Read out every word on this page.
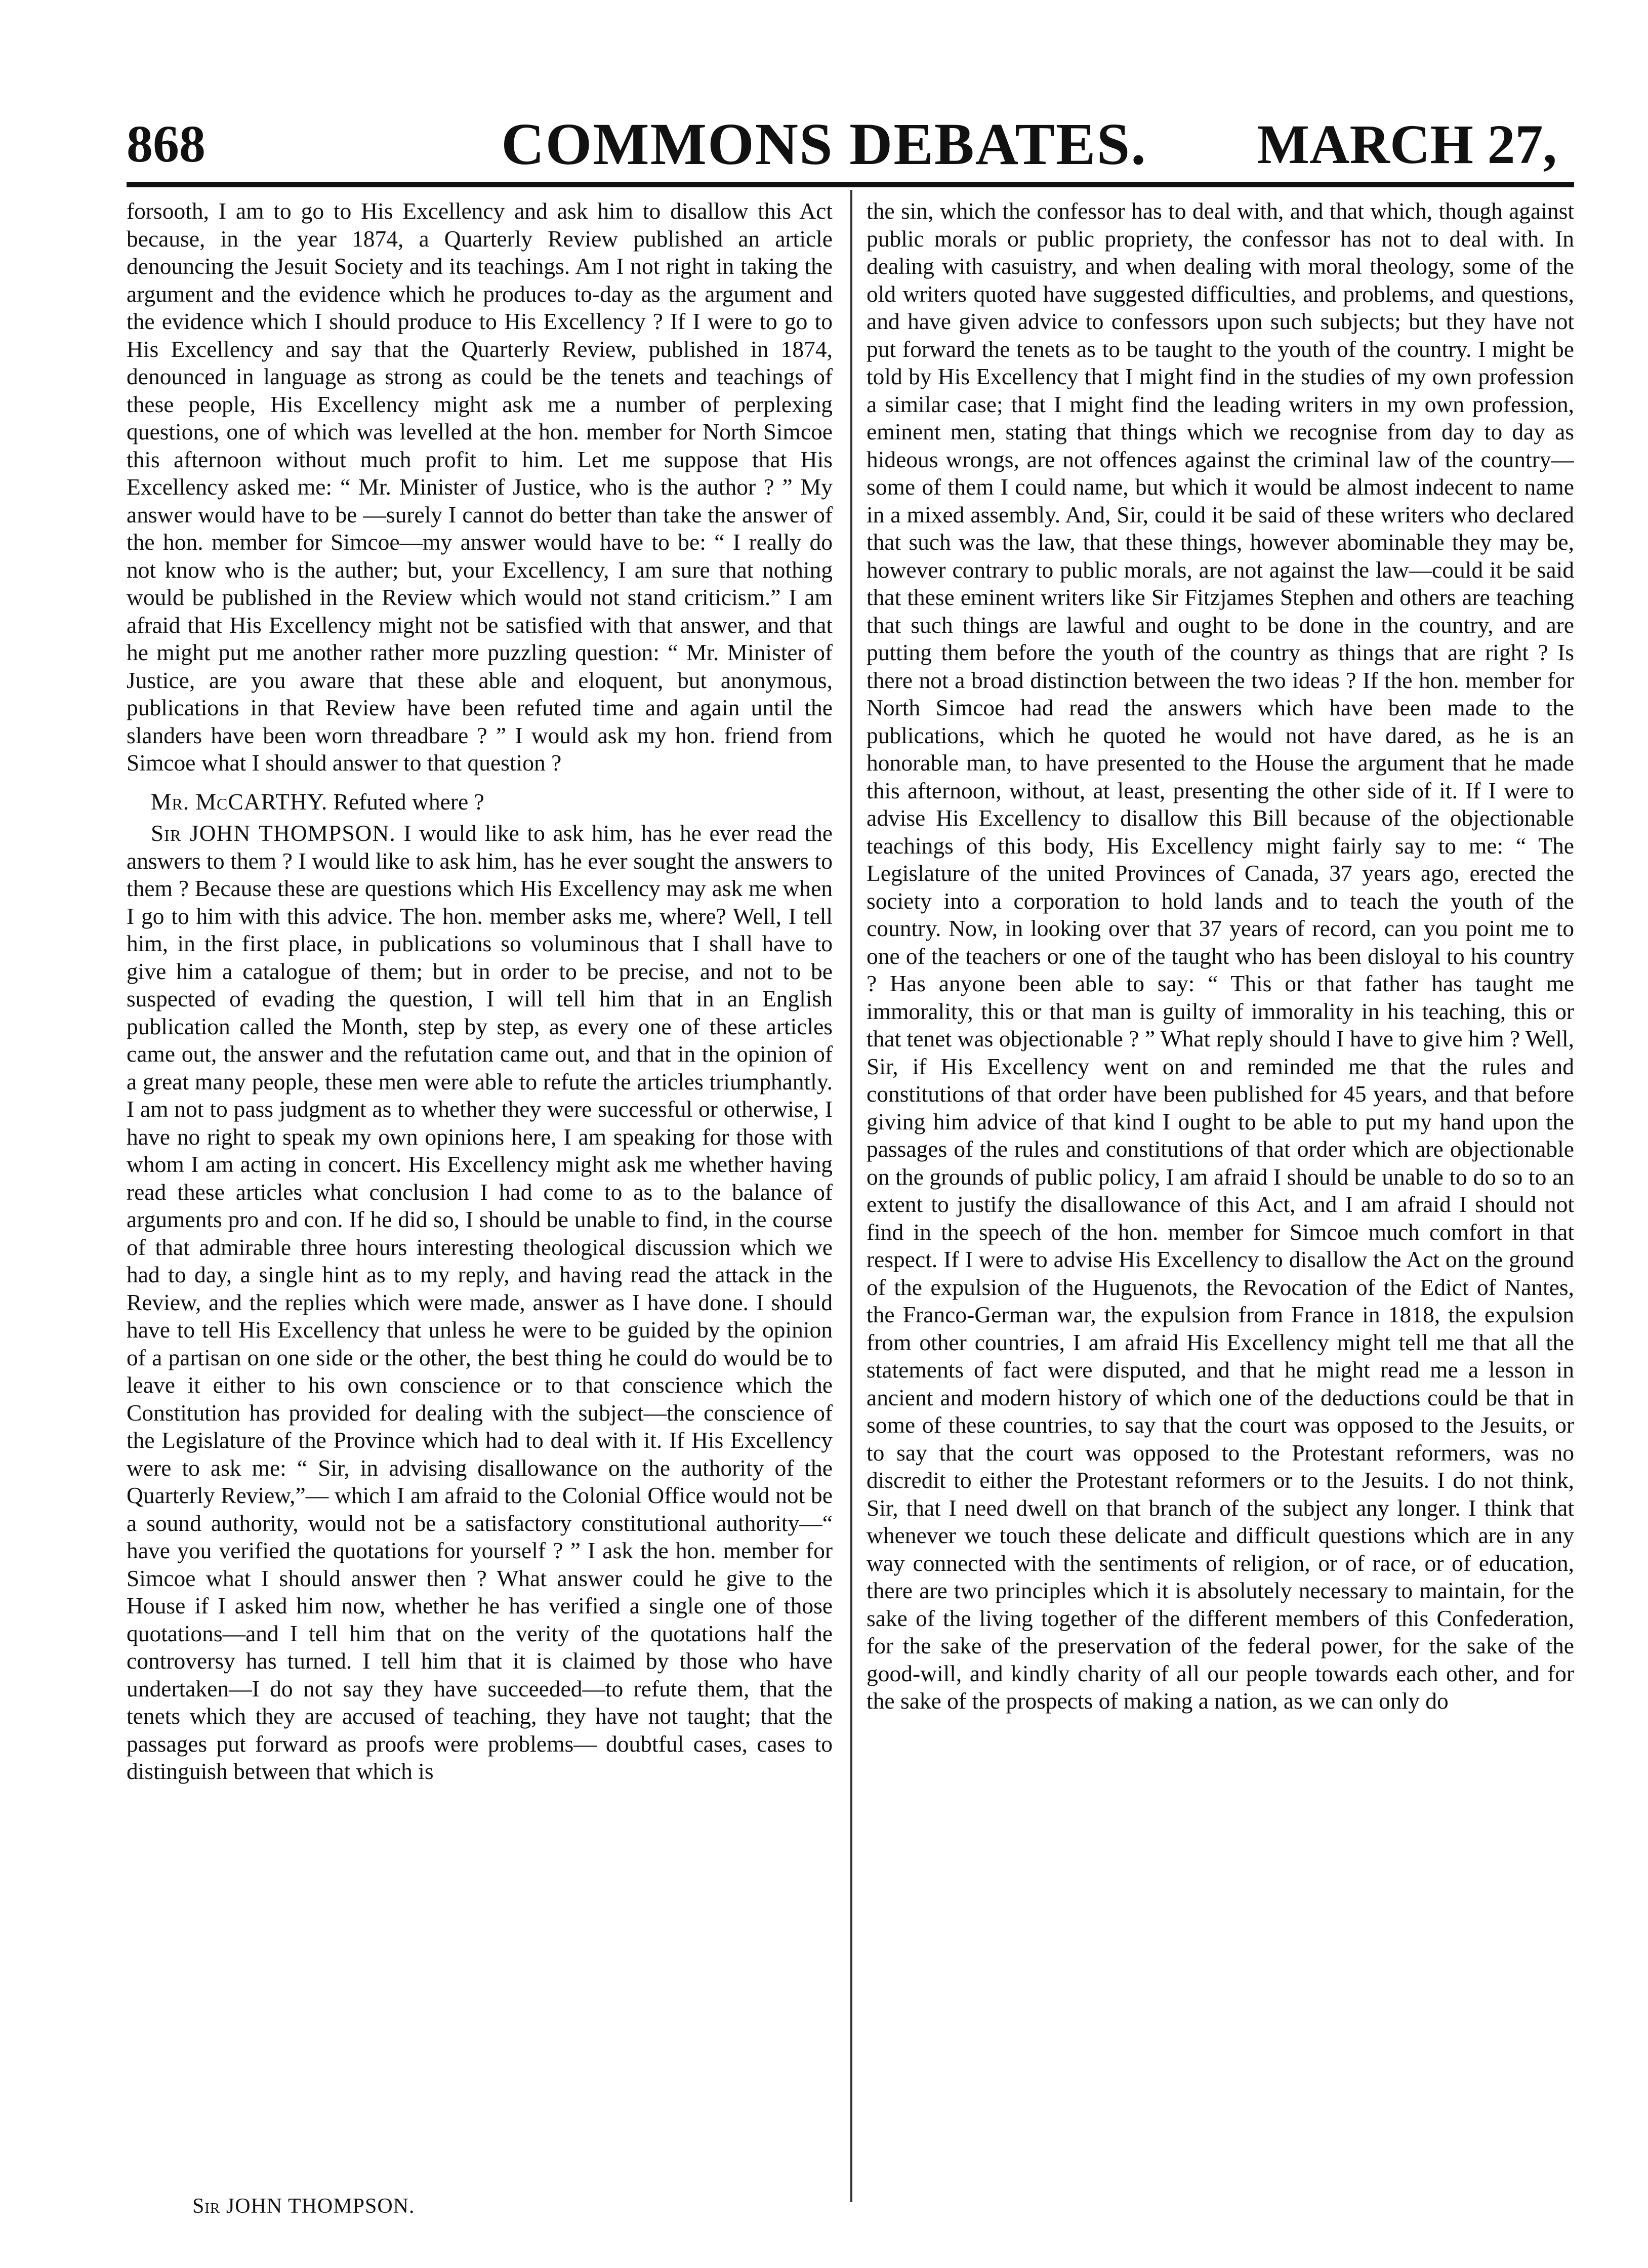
COMMONS DEBATES.
868	MARCH 27,

forsooth, I am to go to His Excellency and ask him to disallow this Act because, in the year 1874, a Quarterly Review published an article denouncing the Jesuit Society and its teachings. Am I not right in taking the argument and the evidence which he produces to-day as the argument and the evidence which I should produce to His Excellency ? If I were to go to His Excellency and say that the Quarterly Review, published in 1874, denounced in language as strong as could be the tenets and teachings of these people, His Excellency might ask me a number of perplexing questions, one of which was levelled at the hon. member for North Simcoe this afternoon without much profit to him. Let me suppose that His Excellency asked me: “ Mr. Minister of Justice, who is the author ? ” My answer would have to be —surely I cannot do better than take the answer of the hon. member for Simcoe—my answer would have to be: “ I really do not know who is the auther; but, your Excellency, I am sure that nothing would be published in the Review which would not stand criticism.” I am afraid that His Excellency might not be satisfied with that answer, and that he might put me another rather more puzzling question: “ Mr. Minister of Justice, are you aware that these able and eloquent, but anonymous, publications in that Review have been refuted time and again until the slanders have been worn threadbare ? ” I would ask my hon. friend from Simcoe what I should answer to that question ?

Mr. McCARTHY. Refuted where ?

Sir JOHN THOMPSON. I would like to ask him, has he ever read the answers to them ? I would like to ask him, has he ever sought the answers to them ? Because these are questions which His Excellency may ask me when I go to him with this advice. The hon. member asks me, where? Well, I tell him, in the first place, in publications so voluminous that I shall have to give him a catalogue of them; but in order to be precise, and not to be suspected of evading the question, I will tell him that in an English publication called the Month, step by step, as every one of these articles came out, the answer and the refutation came out, and that in the opinion of a great many people, these men were able to refute the articles triumphantly. I am not to pass judgment as to whether they were successful or otherwise, I have no right to speak my own opinions here, I am speaking for those with whom I am acting in concert. His Excellency might ask me whether having read these articles what conclusion I had come to as to the balance of arguments pro and con. If he did so, I should be unable to find, in the course of that admirable three hours interesting theological discussion which we had to day, a single hint as to my reply, and having read the attack in the Review, and the replies which were made, answer as I have done. I should have to tell His Excellency that unless he were to be guided by the opinion of a partisan on one side or the other, the best thing he could do would be to leave it either to his own conscience or to that conscience which the Constitution has provided for dealing with the subject—the conscience of the Legislature of the Province which had to deal with it. If His Excellency were to ask me: “ Sir, in advising disallowance on the authority of the Quarterly Review,”— which I am afraid to the Colonial Office would not be a sound authority, would not be a satisfactory constitutional authority—“ have you verified the quotations for yourself ? ” I ask the hon. member for Simcoe what I should answer then ? What answer could he give to the House if I asked him now, whether he has verified a single one of those quotations—and I tell him that on the verity of the quotations half the controversy has turned. I tell him that it is claimed by those who have undertaken—I do not say they have succeeded—to refute them, that the tenets which they are accused of teaching, they have not taught; that the passages put forward as proofs were problems— doubtful cases, cases to distinguish between that which is

the sin, which the confessor has to deal with, and that which, though against public morals or public propriety, the confessor has not to deal with. In dealing with casuistry, and when dealing with moral theology, some of the old writers quoted have suggested difficulties, and problems, and questions, and have given advice to confessors upon such subjects; but they have not put forward the tenets as to be taught to the youth of the country. I might be told by His Excellency that I might find in the studies of my own profession a similar case; that I might find the leading writers in my own profession, eminent men, stating that things which we recognise from day to day as hideous wrongs, are not offences against the criminal law of the country—some of them I could name, but which it would be almost indecent to name in a mixed assembly. And, Sir, could it be said of these writers who declared that such was the law, that these things, however abominable they may be, however contrary to public morals, are not against the law—could it be said that these eminent writers like Sir Fitzjames Stephen and others are teaching that such things are lawful and ought to be done in the country, and are putting them before the youth of the country as things that are right ? Is there not a broad distinction between the two ideas ? If the hon. member for North Simcoe had read the answers which have been made to the publications, which he quoted he would not have dared, as he is an honorable man, to have presented to the House the argument that he made this afternoon, without, at least, presenting the other side of it. If I were to advise His Excellency to disallow this Bill because of the objectionable teachings of this body, His Excellency might fairly say to me: “ The Legislature of the united Provinces of Canada, 37 years ago, erected the society into a corporation to hold lands and to teach the youth of the country. Now, in looking over that 37 years of record, can you point me to one of the teachers or one of the taught who has been disloyal to his country ? Has anyone been able to say: “ This or that father has taught me immorality, this or that man is guilty of immorality in his teaching, this or that tenet was objectionable ? ” What reply should I have to give him ? Well, Sir, if His Excellency went on and reminded me that the rules and constitutions of that order have been published for 45 years, and that before giving him advice of that kind I ought to be able to put my hand upon the passages of the rules and constitutions of that order which are objectionable on the grounds of public policy, I am afraid I should be unable to do so to an extent to justify the disallowance of this Act, and I am afraid I should not find in the speech of the hon. member for Simcoe much comfort in that respect. If I were to advise His Excellency to disallow the Act on the ground of the expulsion of the Huguenots, the Revocation of the Edict of Nantes, the Franco-German war, the expulsion from France in 1818, the expulsion from other countries, I am afraid His Excellency might tell me that all the statements of fact were disputed, and that he might read me a lesson in ancient and modern history of which one of the deductions could be that in some of these countries, to say that the court was opposed to the Jesuits, or to say that the court was opposed to the Protestant reformers, was no discredit to either the Protestant reformers or to the Jesuits. I do not think, Sir, that I need dwell on that branch of the subject any longer. I think that whenever we touch these delicate and difficult questions which are in any way connected with the sentiments of religion, or of race, or of education, there are two principles which it is absolutely necessary to maintain, for the sake of the living together of the different members of this Confederation, for the sake of the preservation of the federal power, for the sake of the good-will, and kindly charity of all our people towards each other, and for the sake of the prospects of making a nation, as we can only do

Sir JOHN THOMPSON.
